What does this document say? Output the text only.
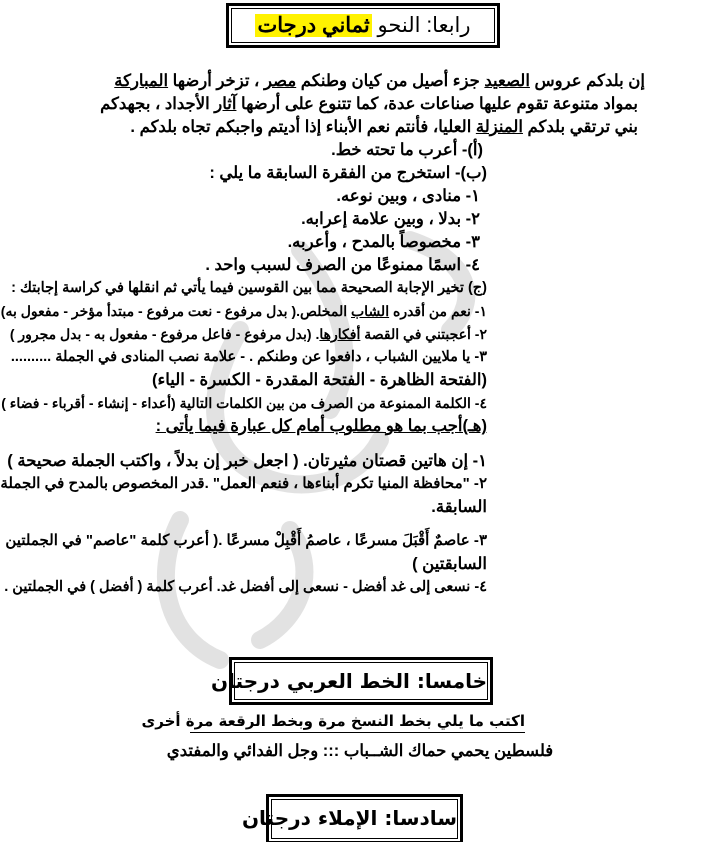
رابعا: النحو ثماني درجات
إن بلدكم عروس الصعيد جزء أصيل من كيان وطنكم مصر ، تزخر أرضها المباركة
بمواد متنوعة تقوم عليها صناعات عدة، كما تتنوع على أرضها آثار الأجداد ، بجهدكم
بني ترتقي بلدكم المنزلة العليا، فأنتم نعم الأبناء إذا أديتم واجبكم تجاه بلدكم .
(أ)- أعرب ما تحته خط.
(ب)- استخرج من الفقرة السابقة ما يلي :
١- منادى ، وبين نوعه.
٢- بدلا ، وبين علامة إعرابه.
٣- مخصوصاً بالمدح ، وأعربه.
٤- اسمًا ممنوعًا من الصرف لسبب واحد .
(ج) تخير الإجابة الصحيحة مما بين القوسين فيما يأتي ثم انقلها في كراسة إجابتك :
١- نعم من أقدره الشاب المخلص.( بدل مرفوع - نعت مرفوع - مبتدأ مؤخر - مفعول به)
٢- أعجبتني في القصة أفكارها. (بدل مرفوع - فاعل مرفوع - مفعول به - بدل مجرور )
٣- يا ملايين الشباب ، دافعوا عن وطنكم . - علامة نصب المنادى في الجملة ..........
(الفتحة الظاهرة - الفتحة المقدرة - الكسرة - الياء)
٤- الكلمة الممنوعة من الصرف من بين الكلمات التالية (أعداء - إنشاء - أقرباء - فضاء )
(هـ)أجب بما هو مطلوب أمام كل عبارة فيما يأتى :
١- إن هاتين قصتان مثيرتان. ( اجعل خبر إن بدلاً ، واكتب الجملة صحيحة )
٢- "محافظة المنيا تكرم أبناءها ، فنعم العمل" .قدر المخصوص بالمدح في الجملة
السابقة.
٣- عاصمٌ أَقْبَلَ مسرعًا ، عاصمُ أَقْبِلْ مسرعًا .( أعرب كلمة "عاصم" في الجملتين
السابقتين )
٤- نسعى إلى غد أفضل - نسعى إلى أفضل غد. أعرب كلمة ( أفضل ) في الجملتين .
خامسا: الخط العربي درجتان
اكتب ما يلي بخط النسخ مرة وبخط الرقعة مرة أخرى
فلسطين يحمي حماك الشــباب ::: وجل الفدائي والمفتدي
سادسا: الإملاء درجتان
